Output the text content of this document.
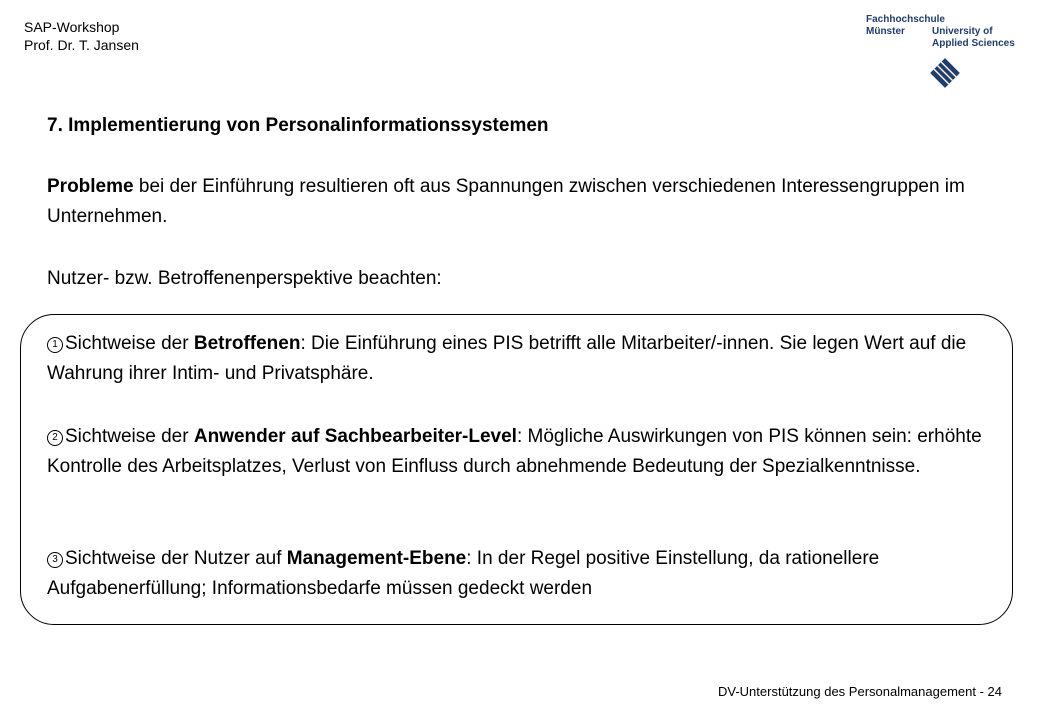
SAP-Workshop
Prof. Dr. T. Jansen
Fachhochschule
Münster	University of
Applied Sciences
7. Implementierung von Personalinformationssystemen
Probleme bei der Einführung resultieren oft aus Spannungen zwischen verschiedenen Interessengruppen im Unternehmen.
Nutzer- bzw. Betroffenenperspektive beachten:
1 Sichtweise der Betroffenen: Die Einführung eines PIS betrifft alle Mitarbeiter/-innen. Sie legen Wert auf die Wahrung ihrer Intim- und Privatsphäre.
2 Sichtweise der Anwender auf Sachbearbeiter-Level: Mögliche Auswirkungen von PIS können sein: erhöhte Kontrolle des Arbeitsplatzes, Verlust von Einfluss durch abnehmende Bedeutung der Spezialkenntnisse.
3 Sichtweise der Nutzer auf Management-Ebene: In der Regel positive Einstellung, da rationellere Aufgabenerfüllung; Informationsbedarfe müssen gedeckt werden
DV-Unterstützung des Personalmanagement - 24
